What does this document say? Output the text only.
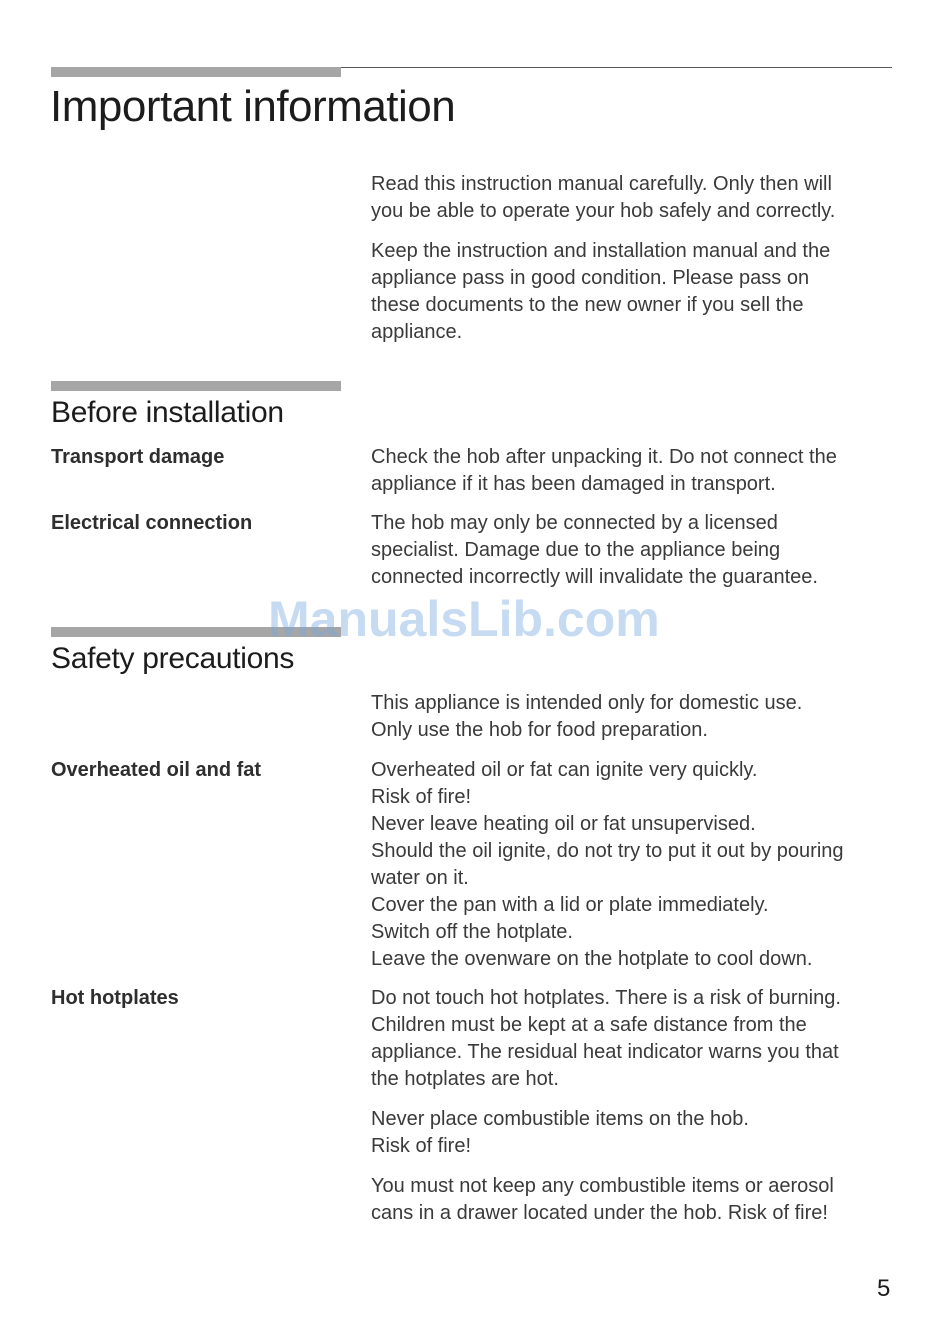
Important information

Read this instruction manual carefully. Only then will
you be able to operate your hob safely and correctly.

Keep the instruction and installation manual and the
appliance pass in good condition. Please pass on
these documents to the new owner if you sell the
appliance.

Before installation

Transport damage	Check the hob after unpacking it. Do not connect the
appliance if it has been damaged in transport.

Electrical connection	The hob may only be connected by a licensed
specialist. Damage due to the appliance being
connected incorrectly will invalidate the guarantee.

Safety precautions

This appliance is intended only for domestic use.
Only use the hob for food preparation.

Overheated oil and fat	Overheated oil or fat can ignite very quickly.
Risk of fire!
Never leave heating oil or fat unsupervised.
Should the oil ignite, do not try to put it out by pouring
water on it.
Cover the pan with a lid or plate immediately.
Switch off the hotplate.
Leave the ovenware on the hotplate to cool down.

Hot hotplates	Do not touch hot hotplates. There is a risk of burning.
Children must be kept at a safe distance from the
appliance. The residual heat indicator warns you that
the hotplates are hot.

Never place combustible items on the hob.
Risk of fire!

You must not keep any combustible items or aerosol
cans in a drawer located under the hob. Risk of fire!

ManualsLib.com

5
